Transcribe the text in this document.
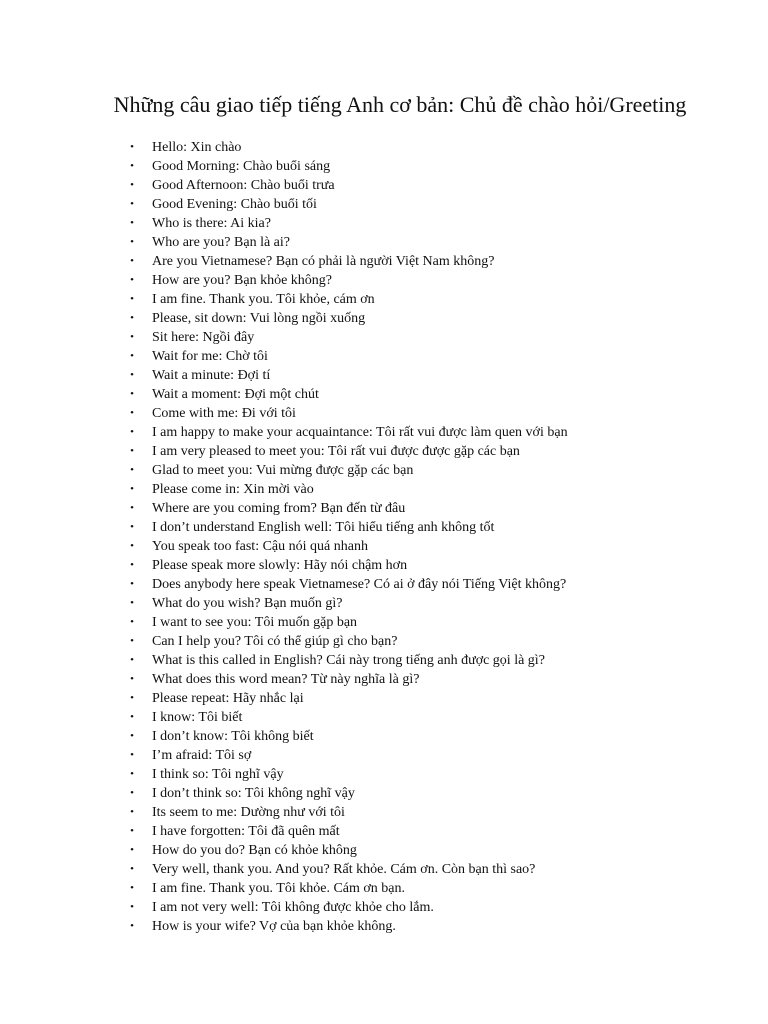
Những câu giao tiếp tiếng Anh cơ bản: Chủ đề chào hỏi/Greeting
• Hello: Xin chào
• Good Morning: Chào buổi sáng
• Good Afternoon: Chào buổi trưa
• Good Evening: Chào buổi tối
• Who is there: Ai kia?
• Who are you? Bạn là ai?
• Are you Vietnamese? Bạn có phải là người Việt Nam không?
• How are you? Bạn khỏe không?
• I am fine. Thank you. Tôi khỏe, cám ơn
• Please, sit down: Vui lòng ngồi xuống
• Sit here: Ngồi đây
• Wait for me: Chờ tôi
• Wait a minute: Đợi tí
• Wait a moment: Đợi một chút
• Come with me: Đi với tôi
• I am happy to make your acquaintance: Tôi rất vui được làm quen với bạn
• I am very pleased to meet you: Tôi rất vui được được gặp các bạn
• Glad to meet you: Vui mừng được gặp các bạn
• Please come in: Xin mời vào
• Where are you coming from? Bạn đến từ đâu
• I don’t understand English well: Tôi hiểu tiếng anh không tốt
• You speak too fast: Cậu nói quá nhanh
• Please speak more slowly: Hãy nói chậm hơn
• Does anybody here speak Vietnamese? Có ai ở đây nói Tiếng Việt không?
• What do you wish? Bạn muốn gì?
• I want to see you: Tôi muốn gặp bạn
• Can I help you? Tôi có thể giúp gì cho bạn?
• What is this called in English? Cái này trong tiếng anh được gọi là gì?
• What does this word mean? Từ này nghĩa là gì?
• Please repeat: Hãy nhắc lại
• I know: Tôi biết
• I don’t know: Tôi không biết
• I’m afraid: Tôi sợ
• I think so: Tôi nghĩ vậy
• I don’t think so: Tôi không nghĩ vậy
• Its seem to me: Dường như với tôi
• I have forgotten: Tôi đã quên mất
• How do you do? Bạn có khỏe không
• Very well, thank you. And you? Rất khỏe. Cám ơn. Còn bạn thì sao?
• I am fine. Thank you. Tôi khỏe. Cám ơn bạn.
• I am not very well: Tôi không được khỏe cho lắm.
• How is your wife? Vợ của bạn khỏe không.
